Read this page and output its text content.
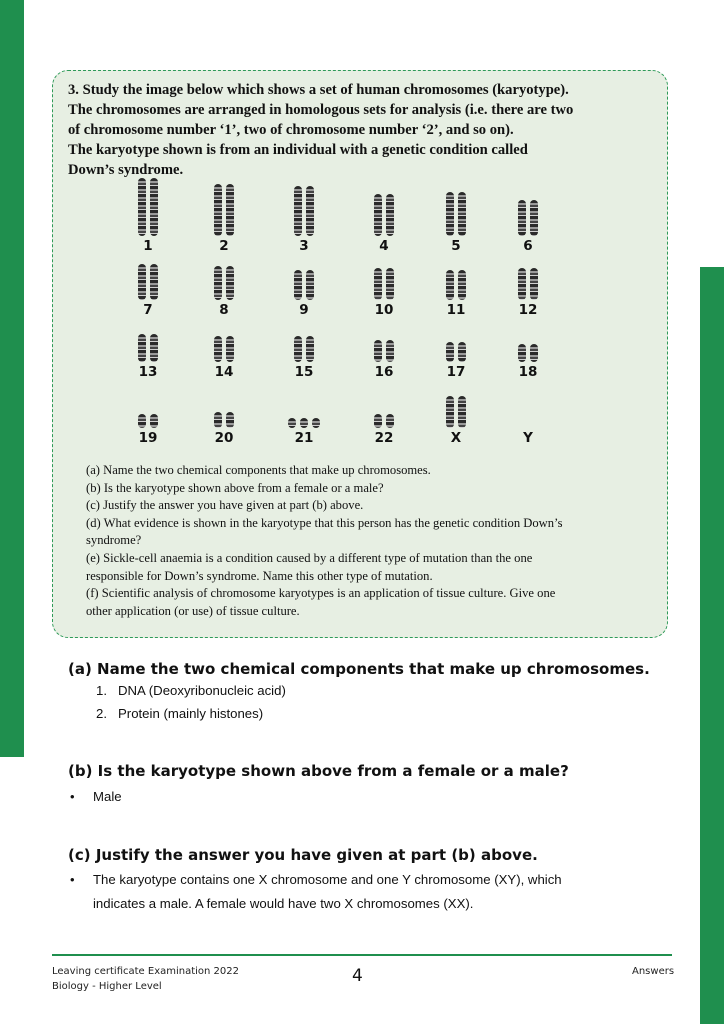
3. Study the image below which shows a set of human chromosomes (karyotype).
The chromosomes are arranged in homologous sets for analysis (i.e. there are two
of chromosome number ‘1’, two of chromosome number ‘2’, and so on).
The karyotype shown is from an individual with a genetic condition called
Down’s syndrome.

1	2	3	4	5	6
7	8	9	10	11	12
13	14	15	16	17	18
19	20	21	22	X	Y

(a) Name the two chemical components that make up chromosomes.
(b) Is the karyotype shown above from a female or a male?
(c) Justify the answer you have given at part (b) above.
(d) What evidence is shown in the karyotype that this person has the genetic condition Down’s
syndrome?
(e) Sickle-cell anaemia is a condition caused by a different type of mutation than the one
responsible for Down’s syndrome. Name this other type of mutation.
(f) Scientific analysis of chromosome karyotypes is an application of tissue culture. Give one
other application (or use) of tissue culture.

(a) Name the two chemical components that make up chromosomes.

1. DNA (Deoxyribonucleic acid)
2. Protein (mainly histones)

(b) Is the karyotype shown above from a female or a male?

• Male

(c) Justify the answer you have given at part (b) above.

• The karyotype contains one X chromosome and one Y chromosome (XY), which
indicates a male. A female would have two X chromosomes (XX).
Leaving certificate Examination 2022
Biology - Higher Level
4	Answers
